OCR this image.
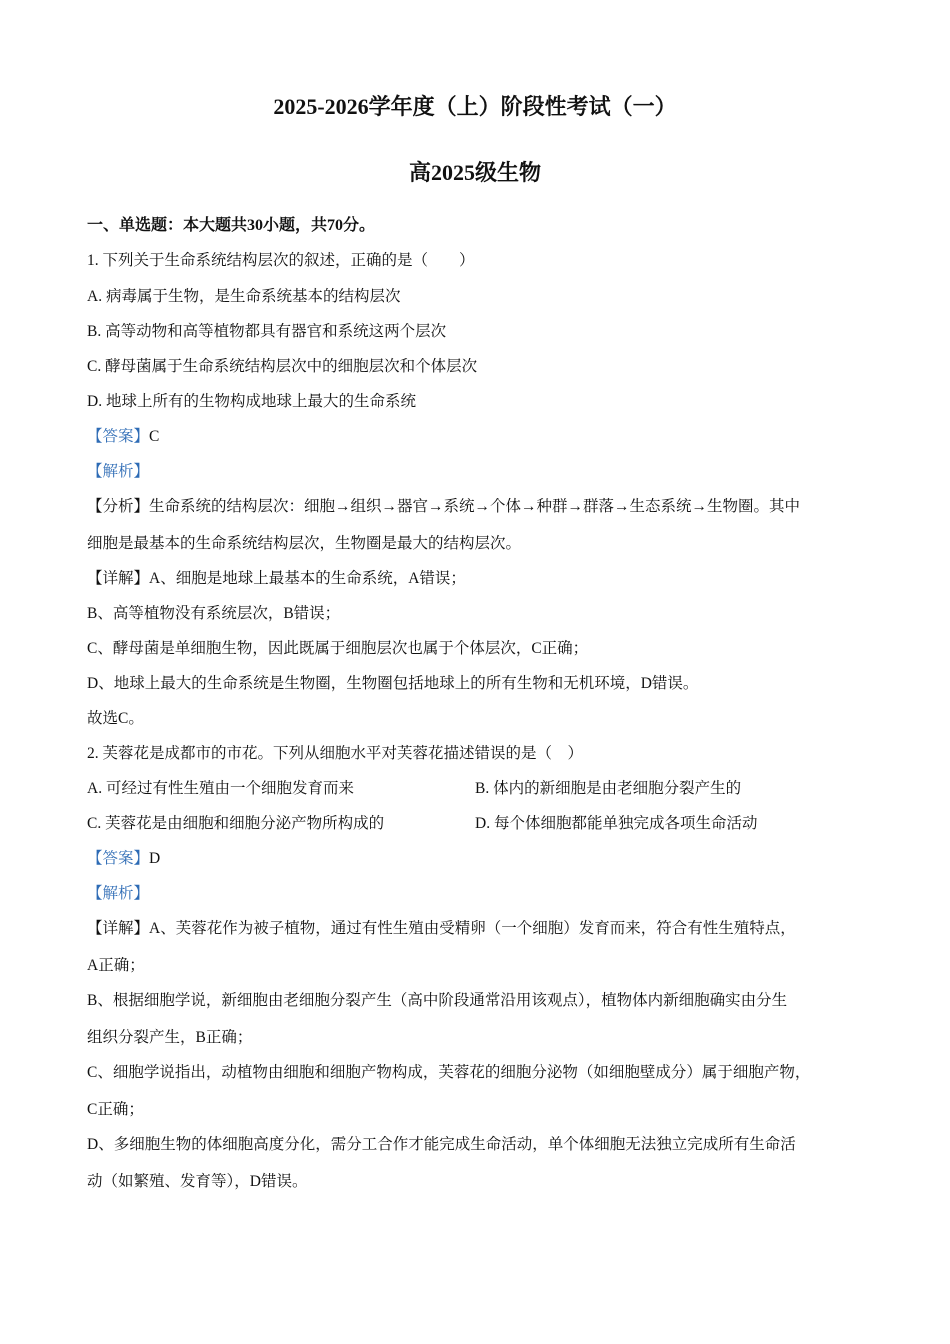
2025-2026学年度（上）阶段性考试（一）
高2025级生物
一、单选题：本大题共30小题，共70分。
1. 下列关于生命系统结构层次的叙述，正确的是（　　）
A. 病毒属于生物，是生命系统基本的结构层次
B. 高等动物和高等植物都具有器官和系统这两个层次
C. 酵母菌属于生命系统结构层次中的细胞层次和个体层次
D. 地球上所有的生物构成地球上最大的生命系统
【答案】C
【解析】
【分析】生命系统的结构层次：细胞→组织→器官→系统→个体→种群→群落→生态系统→生物圈。其中
细胞是最基本的生命系统结构层次，生物圈是最大的结构层次。
【详解】A、细胞是地球上最基本的生命系统，A错误；
B、高等植物没有系统层次，B错误；
C、酵母菌是单细胞生物，因此既属于细胞层次也属于个体层次，C正确；
D、地球上最大的生命系统是生物圈，生物圈包括地球上的所有生物和无机环境，D错误。
故选C。
2. 芙蓉花是成都市的市花。下列从细胞水平对芙蓉花描述错误的是（　）
A. 可经过有性生殖由一个细胞发育而来	B. 体内的新细胞是由老细胞分裂产生的
C. 芙蓉花是由细胞和细胞分泌产物所构成的	D. 每个体细胞都能单独完成各项生命活动
【答案】D
【解析】
【详解】A、芙蓉花作为被子植物，通过有性生殖由受精卵（一个细胞）发育而来，符合有性生殖特点，
A正确；
B、根据细胞学说，新细胞由老细胞分裂产生（高中阶段通常沿用该观点），植物体内新细胞确实由分生
组织分裂产生，B正确；
C、细胞学说指出，动植物由细胞和细胞产物构成，芙蓉花的细胞分泌物（如细胞壁成分）属于细胞产物，
C正确；
D、多细胞生物的体细胞高度分化，需分工合作才能完成生命活动，单个体细胞无法独立完成所有生命活
动（如繁殖、发育等），D错误。
